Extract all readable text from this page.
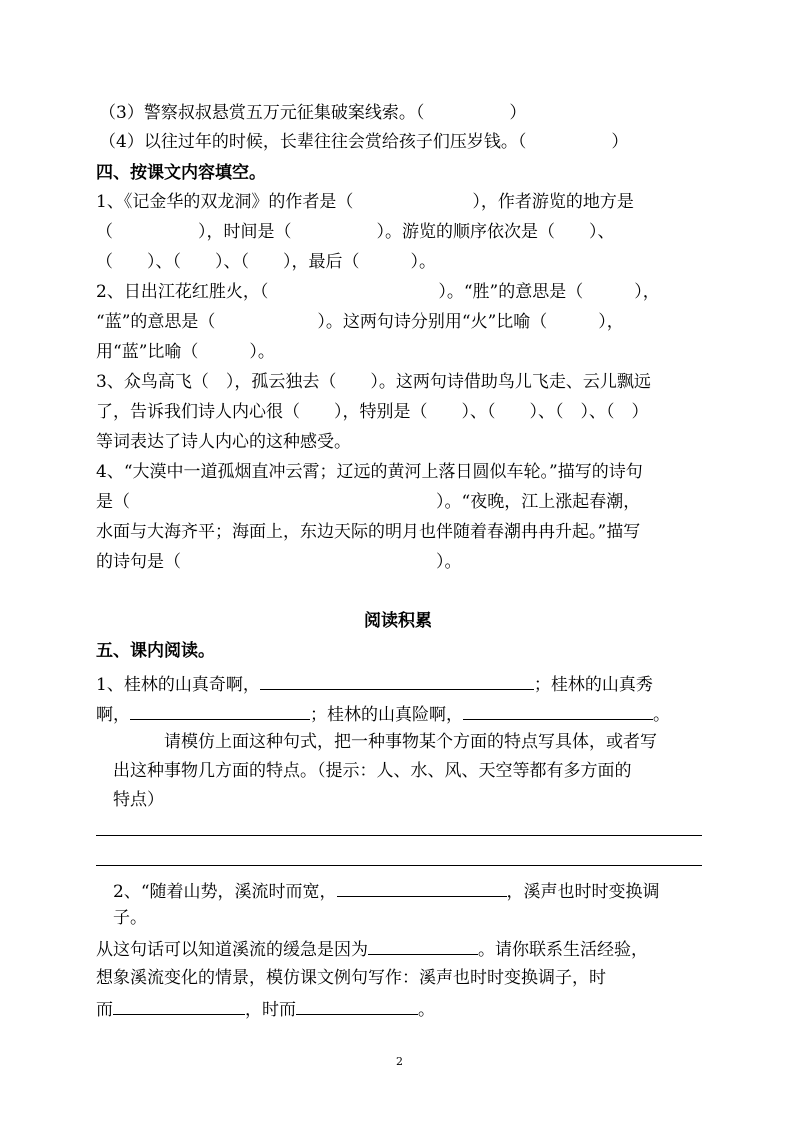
（3）警察叔叔悬赏五万元征集破案线索。（　　　　　）
（4）以往过年的时候，长辈往往会赏给孩子们压岁钱。（　　　　　）
四、按课文内容填空。
1、《记金华的双龙洞》的作者是（　　　　　　　），作者游览的地方是
（　　　　　），时间是（　　　　　）。游览的顺序依次是（　　）、
（　　）、（　　）、（　　），最后（　　　）。
2、日出江花红胜火，（　　　　　　　　　　）。“胜”的意思是（　　　），
“蓝”的意思是（　　　　　　）。这两句诗分别用“火”比喻（　　　），
用“蓝”比喻（　　　）。
3、众鸟高飞（　），孤云独去（　　）。这两句诗借助鸟儿飞走、云儿飘远
了，告诉我们诗人内心很（　　），特别是（　　）、（　　）、（　）、（　）
等词表达了诗人内心的这种感受。
4、“大漠中一道孤烟直冲云霄；辽远的黄河上落日圆似车轮。”描写的诗句
是（　　　　　　　　　　　　　　　　　　）。“夜晚，江上涨起春潮，
水面与大海齐平；海面上，东边天际的明月也伴随着春潮冉冉升起。”描写
的诗句是（　　　　　　　　　　　　　　　）。
阅读积累
五、课内阅读。
1、桂林的山真奇啊，	；桂林的山真秀
啊，	；桂林的山真险啊，	。
请模仿上面这种句式，把一种事物某个方面的特点写具体，或者写
出这种事物几方面的特点。（提示：人、水、风、天空等都有多方面的
特点）
2、“随着山势，溪流时而宽，	，溪声也时时变换调
子。
从这句话可以知道溪流的缓急是因为	。请你联系生活经验，
想象溪流变化的情景，模仿课文例句写作：溪声也时时变换调子，时
而	，时而	。
2
